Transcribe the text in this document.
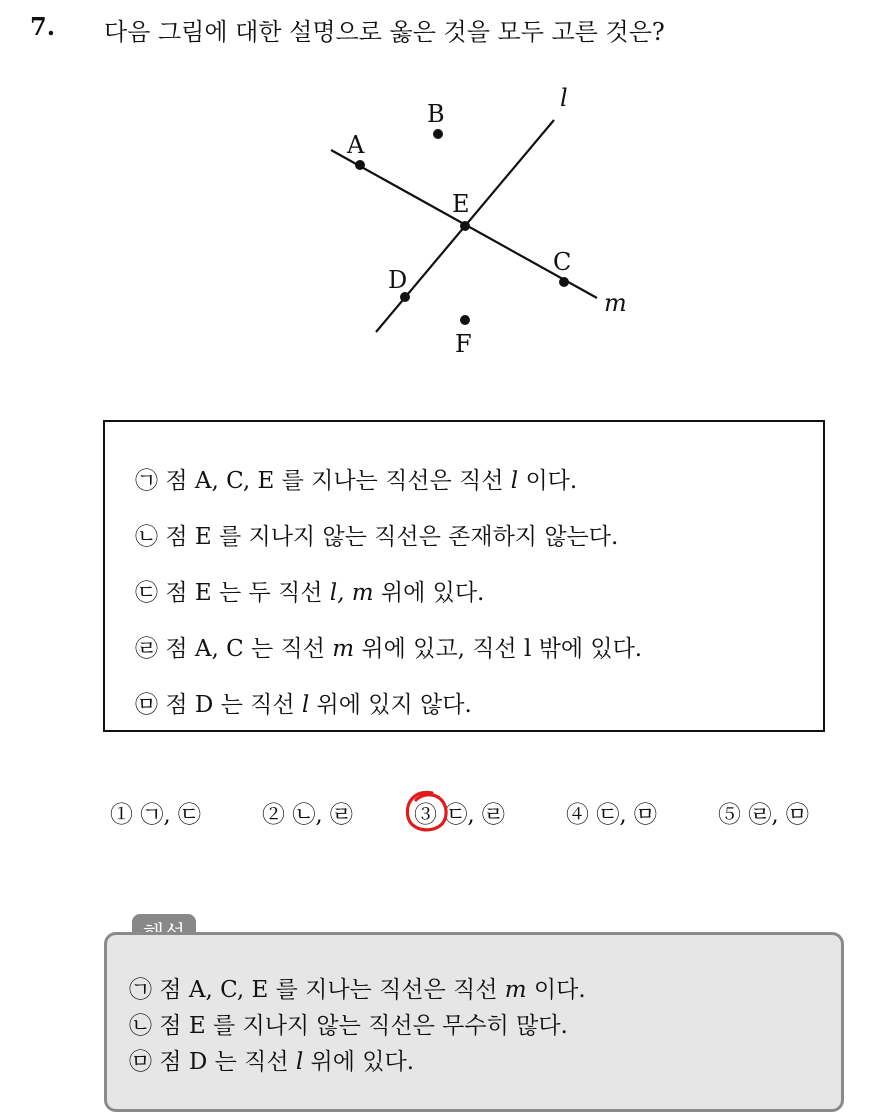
7. 다음 그림에 대한 설명으로 옳은 것을 모두 고른 것은?
A
B
E
C
D
F
l
m
㉠ 점 A, C, E 를 지나는 직선은 직선 l 이다.
㉡ 점 E 를 지나지 않는 직선은 존재하지 않는다.
㉢ 점 E 는 두 직선 l, m 위에 있다.
㉣ 점 A, C 는 직선 m 위에 있고, 직선 l 밖에 있다.
㉤ 점 D 는 직선 l 위에 있지 않다.
① ㉠, ㉢	② ㉡, ㉣	③ ㉢, ㉣	④ ㉢, ㉤	⑤ ㉣, ㉤
㉠ 점 A, C, E 를 지나는 직선은 직선 m 이다.
㉡ 점 E 를 지나지 않는 직선은 무수히 많다.
㉤ 점 D 는 직선 l 위에 있다.
